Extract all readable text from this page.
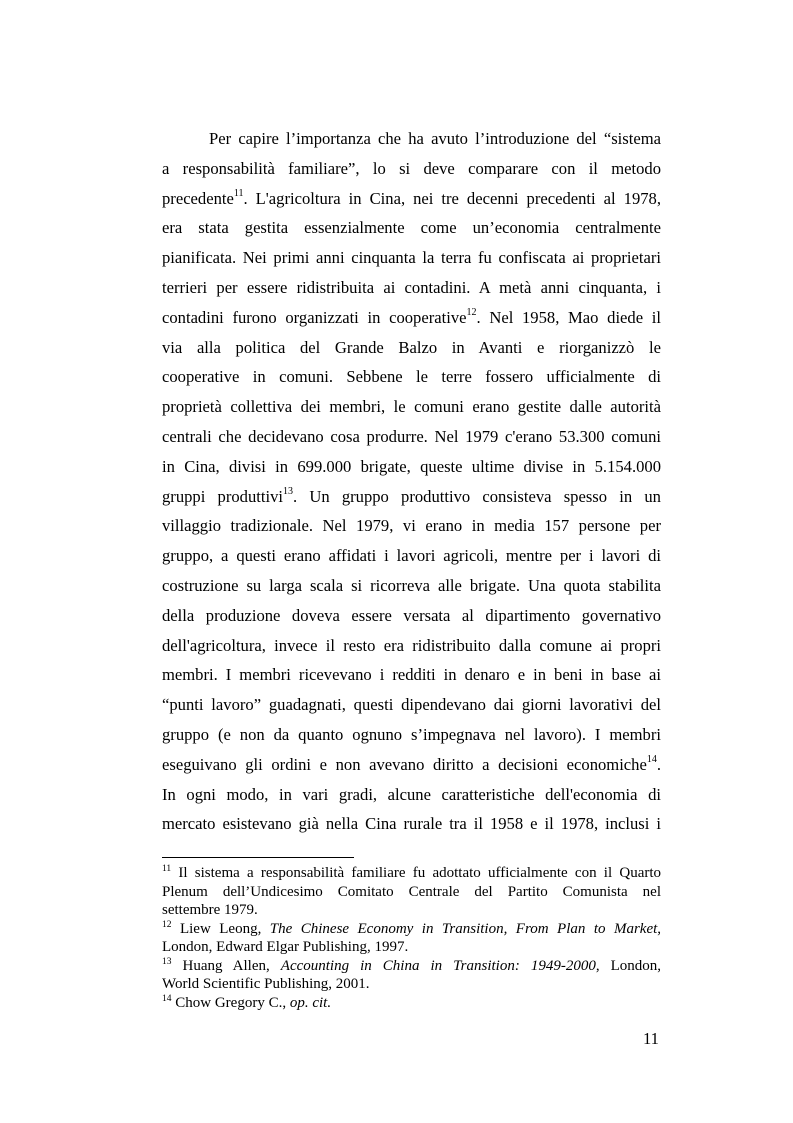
Per capire l’importanza che ha avuto l’introduzione del “sistema
a responsabilità familiare”, lo si deve comparare con il metodo
precedente$^{11}$. L'agricoltura in Cina, nei tre decenni precedenti al 1978,
era stata gestita essenzialmente come un’economia centralmente
pianificata. Nei primi anni cinquanta la terra fu confiscata ai proprietari
terrieri per essere ridistribuita ai contadini. A metà anni cinquanta, i
contadini furono organizzati in cooperative$^{12}$. Nel 1958, Mao diede il
via alla politica del Grande Balzo in Avanti e riorganizzò le
cooperative in comuni. Sebbene le terre fossero ufficialmente di
proprietà collettiva dei membri, le comuni erano gestite dalle autorità
centrali che decidevano cosa produrre. Nel 1979 c'erano 53.300 comuni
in Cina, divisi in 699.000 brigate, queste ultime divise in 5.154.000
gruppi produttivi$^{13}$. Un gruppo produttivo consisteva spesso in un
villaggio tradizionale. Nel 1979, vi erano in media 157 persone per
gruppo, a questi erano affidati i lavori agricoli, mentre per i lavori di
costruzione su larga scala si ricorreva alle brigate. Una quota stabilita
della produzione doveva essere versata al dipartimento governativo
dell'agricoltura, invece il resto era ridistribuito dalla comune ai propri
membri. I membri ricevevano i redditi in denaro e in beni in base ai
“punti lavoro” guadagnati, questi dipendevano dai giorni lavorativi del
gruppo (e non da quanto ognuno s’impegnava nel lavoro). I membri
eseguivano gli ordini e non avevano diritto a decisioni economiche$^{14}$.
In ogni modo, in vari gradi, alcune caratteristiche dell'economia di
mercato esistevano già nella Cina rurale tra il 1958 e il 1978, inclusi i
$^{11}$ Il sistema a responsabilità familiare fu adottato ufficialmente con il Quarto
Plenum dell’Undicesimo Comitato Centrale del Partito Comunista nel
settembre 1979.
$^{12}$ Liew Leong, The Chinese Economy in Transition, From Plan to Market,
London, Edward Elgar Publishing, 1997.
$^{13}$ Huang Allen, Accounting in China in Transition: 1949-2000, London,
World Scientific Publishing, 2001.
$^{14}$ Chow Gregory C., op. cit.
11
